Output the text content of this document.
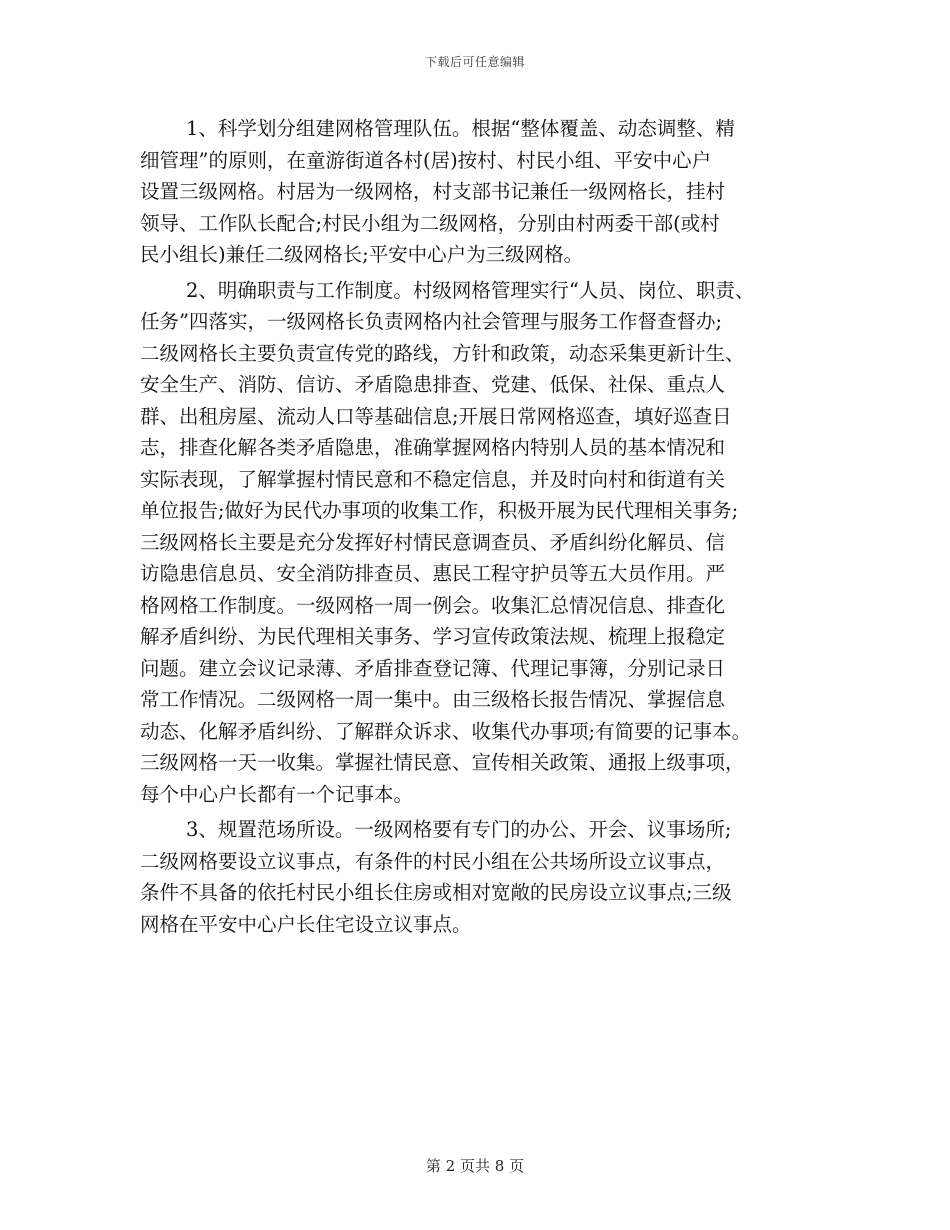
下载后可任意编辑
1、科学划分组建网格管理队伍。根据“整体覆盖、动态调整、精
细管理”的原则，在童游街道各村(居)按村、村民小组、平安中心户
设置三级网格。村居为一级网格，村支部书记兼任一级网格长，挂村
领导、工作队长配合;村民小组为二级网格，分别由村两委干部(或村
民小组长)兼任二级网格长;平安中心户为三级网格。
2、明确职责与工作制度。村级网格管理实行“人员、岗位、职责、
任务”四落实，一级网格长负责网格内社会管理与服务工作督查督办;
二级网格长主要负责宣传党的路线，方针和政策，动态采集更新计生、
安全生产、消防、信访、矛盾隐患排查、党建、低保、社保、重点人
群、出租房屋、流动人口等基础信息;开展日常网格巡查，填好巡查日
志，排查化解各类矛盾隐患，准确掌握网格内特别人员的基本情况和
实际表现，了解掌握村情民意和不稳定信息，并及时向村和街道有关
单位报告;做好为民代办事项的收集工作，积极开展为民代理相关事务;
三级网格长主要是充分发挥好村情民意调查员、矛盾纠纷化解员、信
访隐患信息员、安全消防排查员、惠民工程守护员等五大员作用。严
格网格工作制度。一级网格一周一例会。收集汇总情况信息、排查化
解矛盾纠纷、为民代理相关事务、学习宣传政策法规、梳理上报稳定
问题。建立会议记录薄、矛盾排查登记簿、代理记事簿，分别记录日
常工作情况。二级网格一周一集中。由三级格长报告情况、掌握信息
动态、化解矛盾纠纷、了解群众诉求、收集代办事项;有简要的记事本。
三级网格一天一收集。掌握社情民意、宣传相关政策、通报上级事项，
每个中心户长都有一个记事本。
3、规置范场所设。一级网格要有专门的办公、开会、议事场所;
二级网格要设立议事点，有条件的村民小组在公共场所设立议事点，
条件不具备的依托村民小组长住房或相对宽敞的民房设立议事点;三级
网格在平安中心户长住宅设立议事点。
第 2 页共 8 页
